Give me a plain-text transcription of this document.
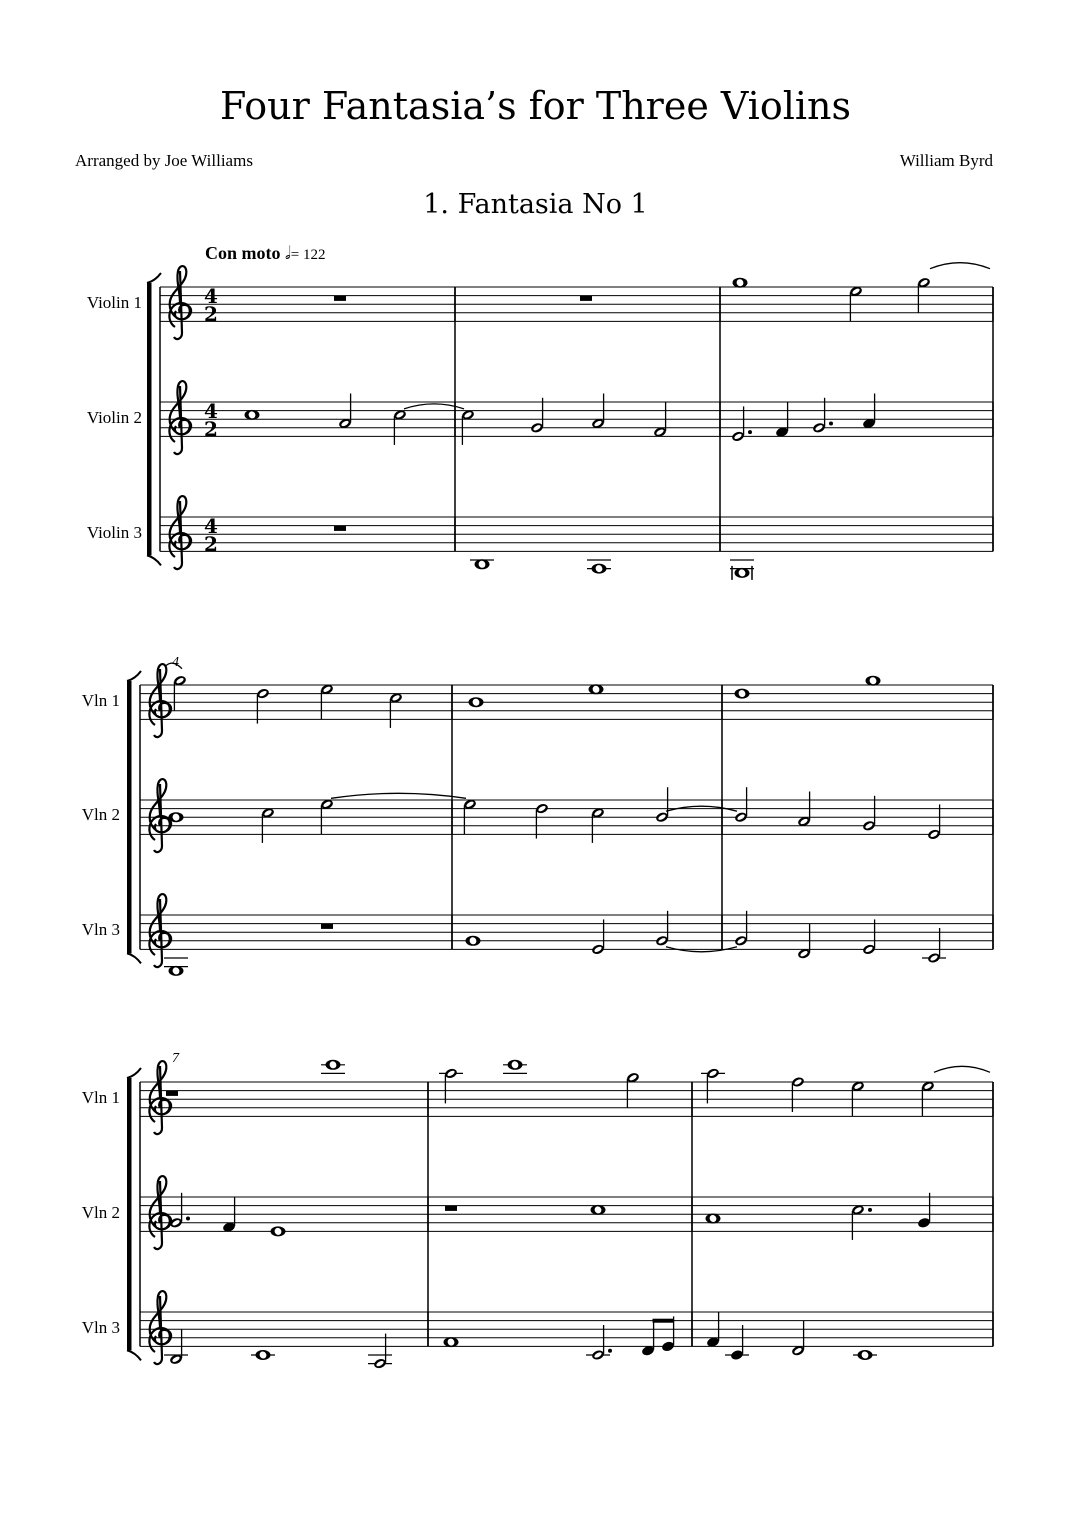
Four Fantasia’s for Three Violins
Arranged by Joe Williams	William Byrd
1. Fantasia No 1
Con moto 𝅗𝅥= 122
Violin 1
Violin 2
Violin 3
4
Vln 1
Vln 2
Vln 3
7
Vln 1
Vln 2
Vln 3
4
2
4
2
4
2
